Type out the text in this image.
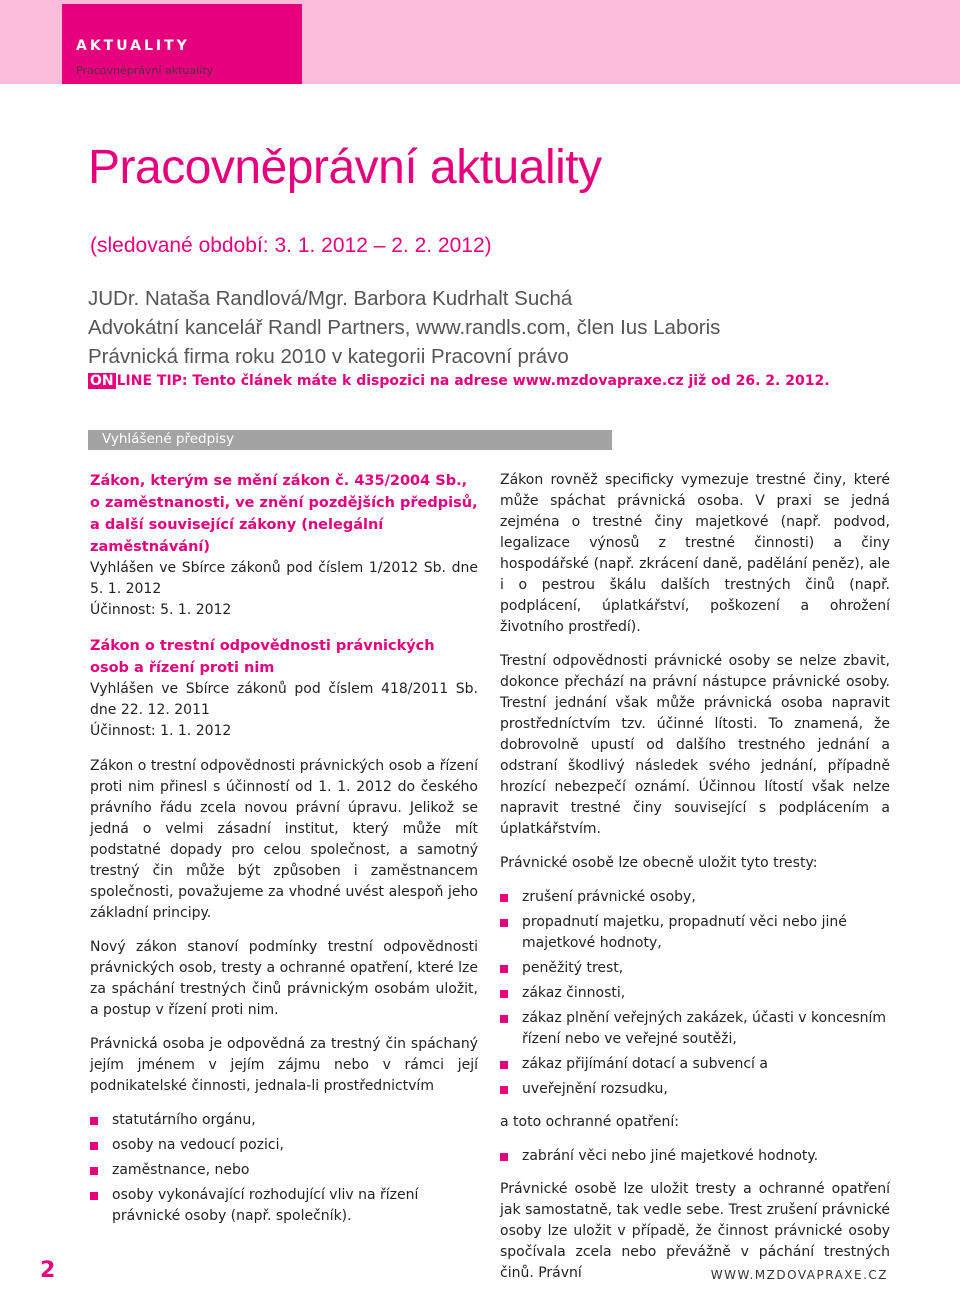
AKTUALITY
Pracovněprávní aktuality
Pracovněprávní aktuality
(sledované období: 3. 1. 2012 – 2. 2. 2012)
JUDr. Nataša Randlová/Mgr. Barbora Kudrhalt Suchá
Advokátní kancelář Randl Partners, www.randls.com, člen Ius Laboris
Právnická firma roku 2010 v kategorii Pracovní právo
ON LINE TIP: Tento článek máte k dispozici na adrese www.mzdovapraxe.cz již od 26. 2. 2012.
Vyhlášené předpisy
Zákon, kterým se mění zákon č. 435/2004 Sb., o zaměstnanosti, ve znění pozdějších předpisů, a další související zákony (nelegální zaměstnávání)

Vyhlášen ve Sbírce zákonů pod číslem 1/2012 Sb. dne 5. 1. 2012

Účinnost: 5. 1. 2012

Zákon o trestní odpovědnosti právnických osob a řízení proti nim

Vyhlášen ve Sbírce zákonů pod číslem 418/2011 Sb. dne 22. 12. 2011

Účinnost: 1. 1. 2012

Zákon o trestní odpovědnosti právnických osob a řízení proti nim přinesl s účinností od 1. 1. 2012 do českého právního řádu zcela novou právní úpravu. Jelikož se jedná o velmi zásadní institut, který může mít podstatné dopady pro celou společnost, a samotný trestný čin může být způsoben i zaměstnancem společnosti, považujeme za vhodné uvést alespoň jeho základní principy.

Nový zákon stanoví podmínky trestní odpovědnosti právnických osob, tresty a ochranné opatření, které lze za spáchání trestných činů právnickým osobám uložit, a postup v řízení proti nim.

Právnická osoba je odpovědná za trestný čin spáchaný jejím jménem v jejím zájmu nebo v rámci její podnikatelské činnosti, jednala-li prostřednictvím

statutárního orgánu,
osoby na vedoucí pozici,
zaměstnance, nebo
osoby vykonávající rozhodující vliv na řízení právnické osoby (např. společník).

Zákon rovněž specificky vymezuje trestné činy, které může spáchat právnická osoba. V praxi se jedná zejména o trestné činy majetkové (např. podvod, legalizace výnosů z trestné činnosti) a činy hospodářské (např. zkrácení daně, padělání peněz), ale i o pestrou škálu dalších trestných činů (např. podplácení, úplatkářství, poškození a ohrožení životního prostředí).

Trestní odpovědnosti právnické osoby se nelze zbavit, dokonce přechází na právní nástupce právnické osoby. Trestní jednání však může právnická osoba napravit prostředníctvím tzv. účinné lítosti. To znamená, že dobrovolně upustí od dalšího trestného jednání a odstraní škodlivý následek svého jednání, případně hrozící nebezpečí oznámí. Účinnou lítostí však nelze napravit trestné činy související s podplácením a úplatkářstvím.

Právnické osobě lze obecně uložit tyto tresty:

zrušení právnické osoby,
propadnutí majetku, propadnutí věci nebo jiné majetkové hodnoty,
peněžitý trest,
zákaz činnosti,
zákaz plnění veřejných zakázek, účasti v koncesním řízení nebo ve veřejné soutěži,
zákaz přijímání dotací a subvencí a
uveřejnění rozsudku,

a toto ochranné opatření:

zabrání věci nebo jiné majetkové hodnoty.

Právnické osobě lze uložit tresty a ochranné opatření jak samostatně, tak vedle sebe. Trest zrušení právnické osoby lze uložit v případě, že činnost právnické osoby spočívala zcela nebo převážně v páchání trestných činů. Právní

2	WWW.MZDOVAPRAXE.CZ
